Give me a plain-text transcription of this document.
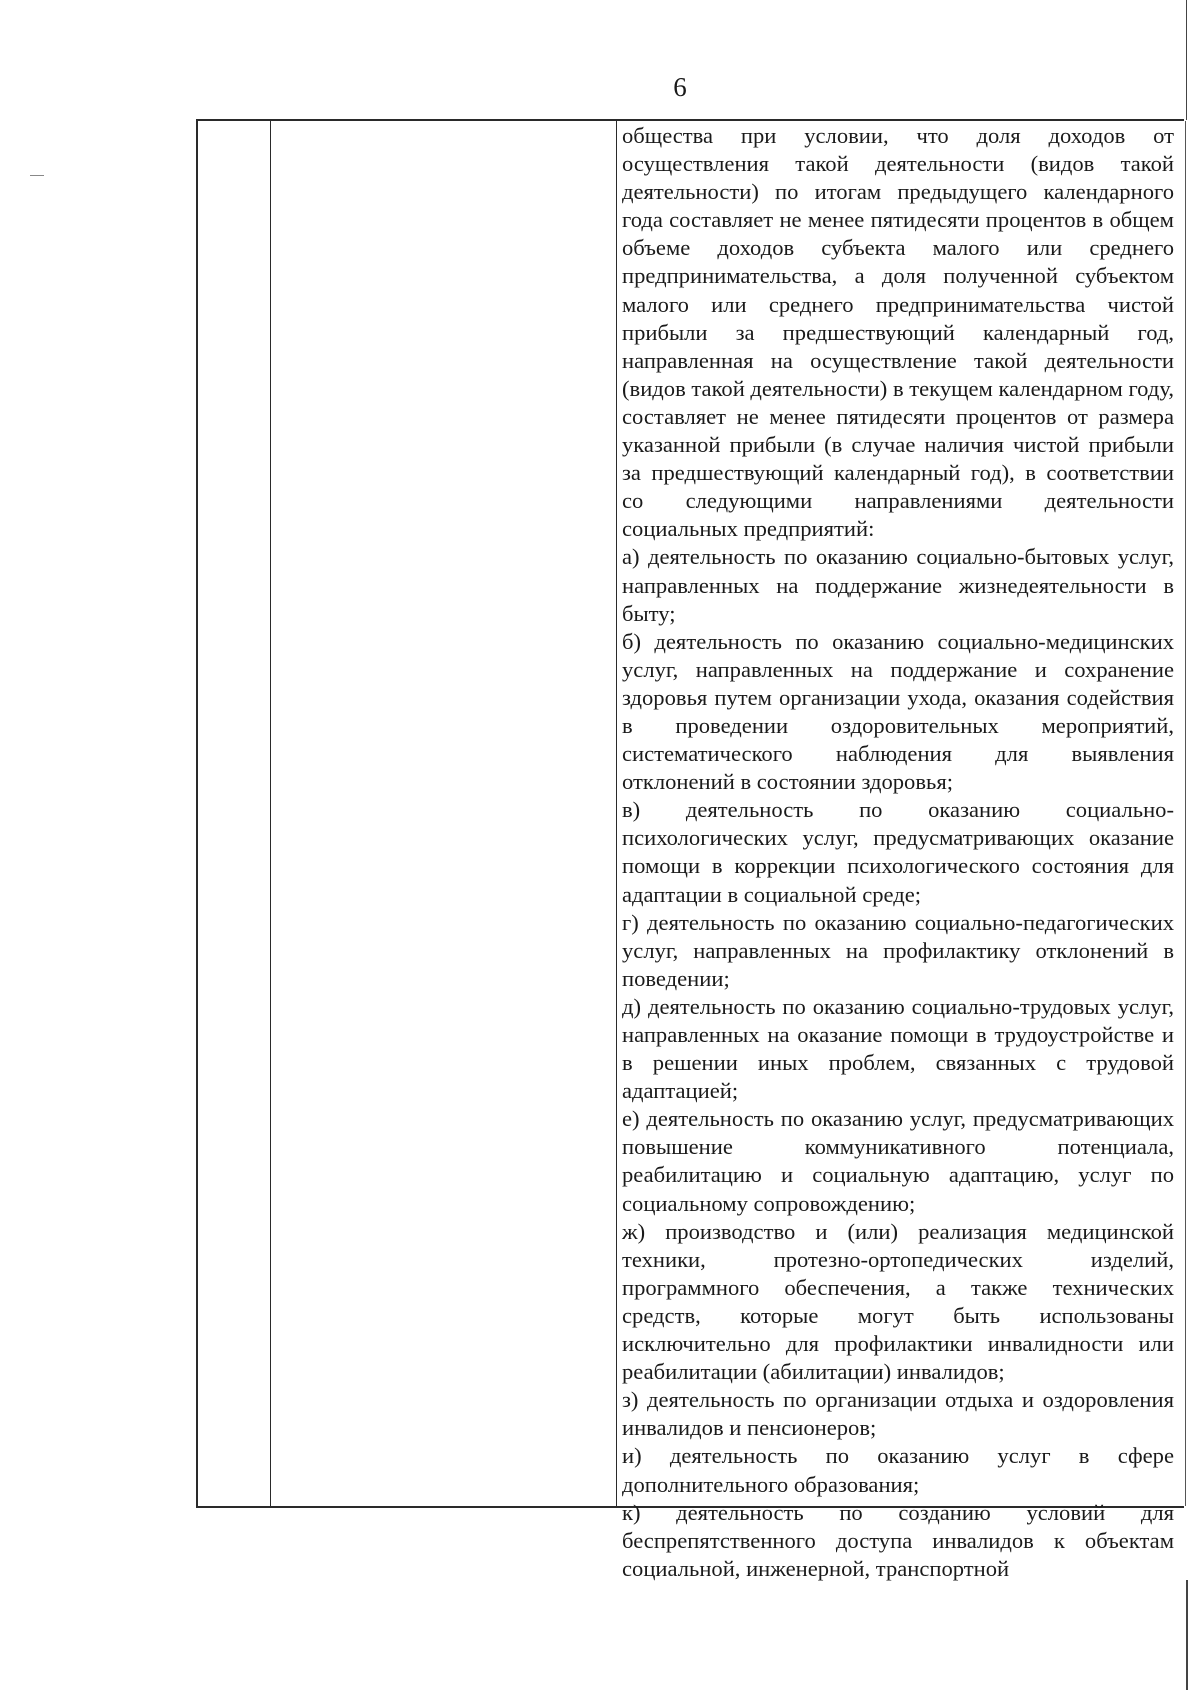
6

общества при условии, что доля доходов от осуществления такой деятельности (видов такой деятельности) по итогам предыдущего календарного года составляет не менее пятидесяти процентов в общем объеме доходов субъекта малого или среднего предпринимательства, а доля полученной субъектом малого или среднего предпринимательства чистой прибыли за предшествующий календарный год, направленная на осуществление такой деятельности (видов такой деятельности) в текущем календарном году, составляет не менее пятидесяти процентов от размера указанной прибыли (в случае наличия чистой прибыли за предшествующий календарный год), в соответствии со следующими направлениями деятельности социальных предприятий:

а) деятельность по оказанию социально-бытовых услуг, направленных на поддержание жизнедеятельности в быту;

б) деятельность по оказанию социально-медицинских услуг, направленных на поддержание и сохранение здоровья путем организации ухода, оказания содействия в проведении оздоровительных мероприятий, систематического наблюдения для выявления отклонений в состоянии здоровья;

в) деятельность по оказанию социально-психологических услуг, предусматривающих оказание помощи в коррекции психологического состояния для адаптации в социальной среде;

г) деятельность по оказанию социально-педагогических услуг, направленных на профилактику отклонений в поведении;

д) деятельность по оказанию социально-трудовых услуг, направленных на оказание помощи в трудоустройстве и в решении иных проблем, связанных с трудовой адаптацией;

е) деятельность по оказанию услуг, предусматривающих повышение коммуникативного потенциала, реабилитацию и социальную адаптацию, услуг по социальному сопровождению;

ж) производство и (или) реализация медицинской техники, протезно-ортопедических изделий, программного обеспечения, а также технических средств, которые могут быть использованы исключительно для профилактики инвалидности или реабилитации (абилитации) инвалидов;

з) деятельность по организации отдыха и оздоровления инвалидов и пенсионеров;

и) деятельность по оказанию услуг в сфере дополнительного образования;

к) деятельность по созданию условий для беспрепятственного доступа инвалидов к объектам социальной, инженерной, транспортной
